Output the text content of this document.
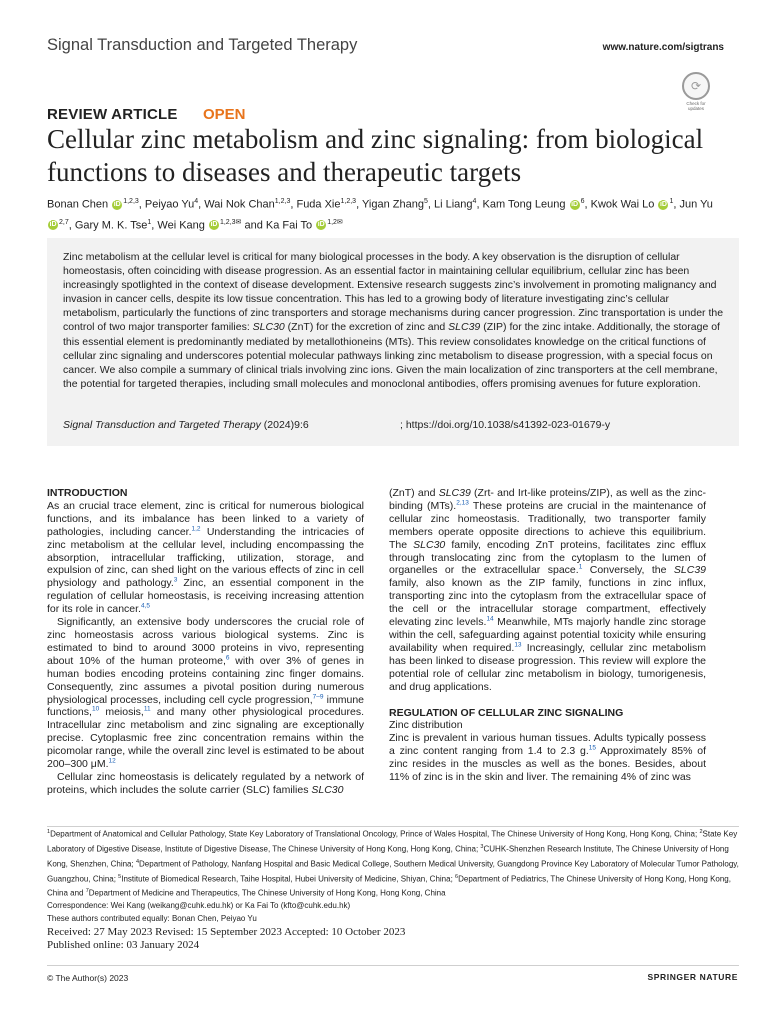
Signal Transduction and Targeted Therapy	www.nature.com/sigtrans
⟳
Check for updates
REVIEW ARTICLE OPEN
Cellular zinc metabolism and zinc signaling: from biological functions to diseases and therapeutic targets
Bonan Chen iD $^{1,2,3}$, Peiyao Yu$^4$, Wai Nok Chan$^{1,2,3}$, Fuda Xie$^{1,2,3}$, Yigan Zhang$^5$, Li Liang$^4$, Kam Tong Leung iD $^6$, Kwok Wai Lo iD $^1$, Jun Yu iD $^{2,7}$, Gary M. K. Tse$^1$, Wei Kang iD $^{1,2,3✉}$ and Ka Fai To iD $^{1,2✉}$
Zinc metabolism at the cellular level is critical for many biological processes in the body. A key observation is the disruption of cellular homeostasis, often coinciding with disease progression. As an essential factor in maintaining cellular equilibrium, cellular zinc has been increasingly spotlighted in the context of disease development. Extensive research suggests zinc’s involvement in promoting malignancy and invasion in cancer cells, despite its low tissue concentration. This has led to a growing body of literature investigating zinc’s cellular metabolism, particularly the functions of zinc transporters and storage mechanisms during cancer progression. Zinc transportation is under the control of two major transporter families: SLC30 (ZnT) for the excretion of zinc and SLC39 (ZIP) for the zinc intake. Additionally, the storage of this essential element is predominantly mediated by metallothioneins (MTs). This review consolidates knowledge on the critical functions of cellular zinc signaling and underscores potential molecular pathways linking zinc metabolism to disease progression, with a special focus on cancer. We also compile a summary of clinical trials involving zinc ions. Given the main localization of zinc transporters at the cell membrane, the potential for targeted therapies, including small molecules and monoclonal antibodies, offers promising avenues for future exploration.
Signal Transduction and Targeted Therapy (2024)9:6	; https://doi.org/10.1038/s41392-023-01679-y

INTRODUCTION

As an crucial trace element, zinc is critical for numerous biological functions, and its imbalance has been linked to a variety of pathologies, including cancer.$^{1,2}$ Understanding the intricacies of zinc metabolism at the cellular level, including encompassing the absorption, intracellular trafficking, utilization, storage, and expulsion of zinc, can shed light on the various effects of zinc in cell physiology and pathology.$^3$ Zinc, an essential component in the regulation of cellular homeostasis, is receiving increasing attention for its role in cancer.$^{4,5}$

Significantly, an extensive body underscores the crucial role of zinc homeostasis across various biological systems. Zinc is estimated to bind to around 3000 proteins in vivo, representing about 10% of the human proteome,$^6$ with over 3% of genes in human bodies encoding proteins containing zinc finger domains. Consequently, zinc assumes a pivotal position during numerous physiological processes, including cell cycle progression,$^{7-9}$ immune functions,$^{10}$ meiosis,$^{11}$ and many other physiological procedures. Intracellular zinc metabolism and zinc signaling are exceptionally precise. Cytoplasmic free zinc concentration remains within the picomolar range, while the overall zinc level is estimated to be about 200–300 μM.$^{12}$

Cellular zinc homeostasis is delicately regulated by a network of proteins, which includes the solute carrier (SLC) families SLC30

(ZnT) and SLC39 (Zrt- and Irt-like proteins/ZIP), as well as the zinc-binding (MTs).$^{2,13}$ These proteins are crucial in the maintenance of cellular zinc homeostasis. Traditionally, two transporter family members operate opposite directions to achieve this equilibrium. The SLC30 family, encoding ZnT proteins, facilitates zinc efflux through translocating zinc from the cytoplasm to the lumen of organelles or the extracellular space.$^1$ Conversely, the SLC39 family, also known as the ZIP family, functions in zinc influx, transporting zinc into the cytoplasm from the extracellular space of the cell or the intracellular storage compartment, effectively elevating zinc levels.$^{14}$ Meanwhile, MTs majorly handle zinc storage within the cell, safeguarding against potential toxicity while ensuring availability when required.$^{13}$ Increasingly, cellular zinc metabolism has been linked to disease progression. This review will explore the potential role of cellular zinc metabolism in biology, tumorigenesis, and drug applications.

REGULATION OF CELLULAR ZINC SIGNALING

Zinc distribution

Zinc is prevalent in various human tissues. Adults typically possess a zinc content ranging from 1.4 to 2.3 g.$^{15}$ Approximately 85% of zinc resides in the muscles as well as the bones. Besides, about 11% of zinc is in the skin and liver. The remaining 4% of zinc was

$^1$Department of Anatomical and Cellular Pathology, State Key Laboratory of Translational Oncology, Prince of Wales Hospital, The Chinese University of Hong Kong, Hong Kong, China; $^2$State Key Laboratory of Digestive Disease, Institute of Digestive Disease, The Chinese University of Hong Kong, Hong Kong, China; $^3$CUHK-Shenzhen Research Institute, The Chinese University of Hong Kong, Shenzhen, China; $^4$Department of Pathology, Nanfang Hospital and Basic Medical College, Southern Medical University, Guangdong Province Key Laboratory of Molecular Tumor Pathology, Guangzhou, China; $^5$Institute of Biomedical Research, Taihe Hospital, Hubei University of Medicine, Shiyan, China; $^6$Department of Pediatrics, The Chinese University of Hong Kong, Hong Kong, China and $^7$Department of Medicine and Therapeutics, The Chinese University of Hong Kong, Hong Kong, China
Correspondence: Wei Kang (weikang@cuhk.edu.hk) or Ka Fai To (kfto@cuhk.edu.hk)
These authors contributed equally: Bonan Chen, Peiyao Yu
Received: 27 May 2023 Revised: 15 September 2023 Accepted: 10 October 2023
Published online: 03 January 2024
© The Author(s) 2023	SPRINGER NATURE
